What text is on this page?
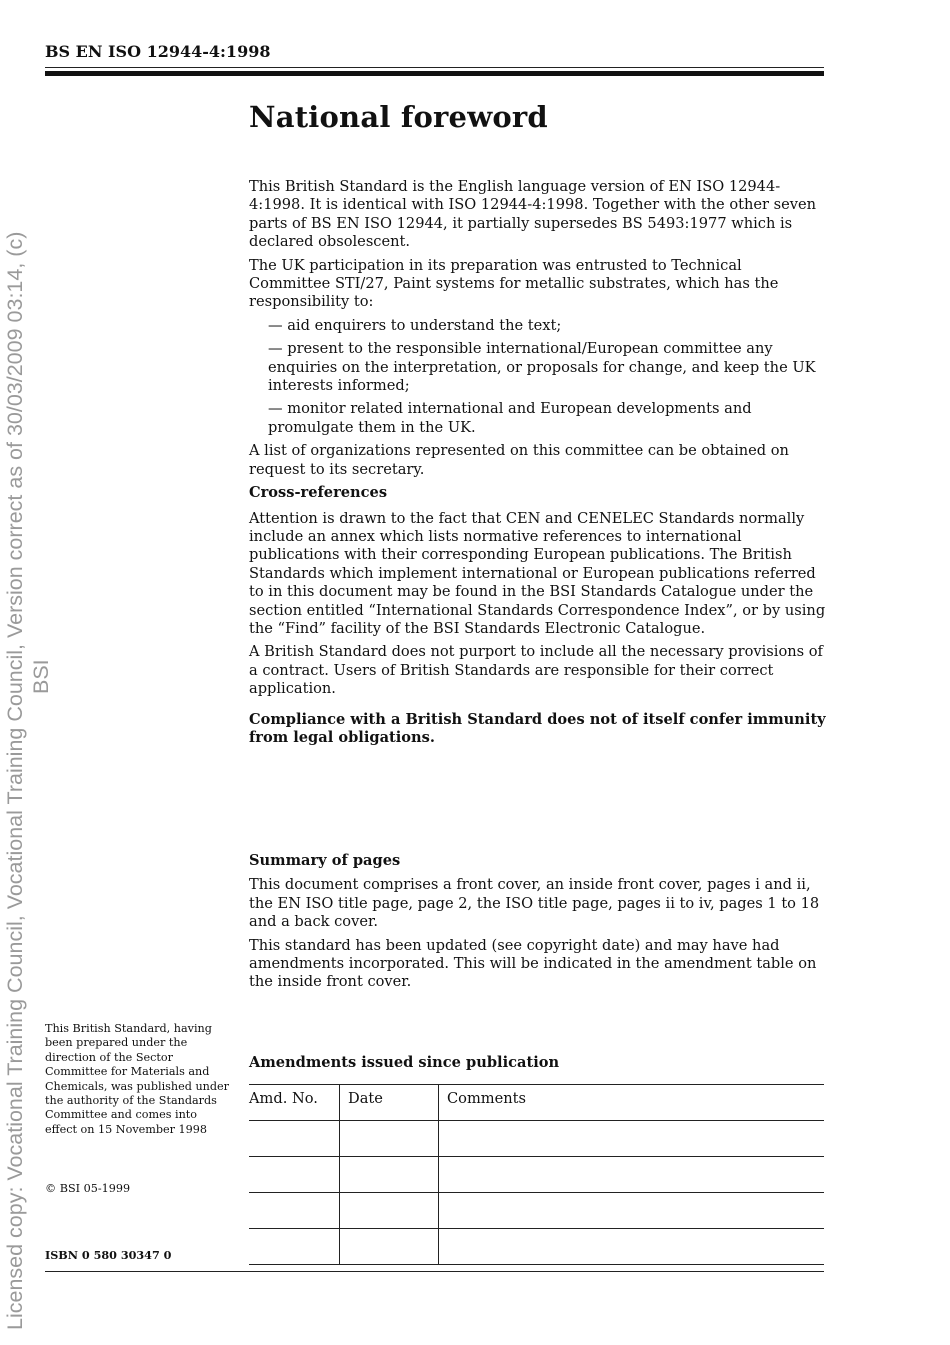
Licensed copy: Vocational Training Council, Vocational Training Council, Version correct as of 30/03/2009 03:14, (c) BSI
BS EN ISO 12944-4:1998
National foreword

This British Standard is the English language version of EN ISO 12944-4:1998. It is identical with ISO 12944-4:1998. Together with the other seven parts of BS EN ISO 12944, it partially supersedes BS 5493:1977 which is declared obsolescent.

The UK participation in its preparation was entrusted to Technical Committee STI/27, Paint systems for metallic substrates, which has the responsibility to:

— aid enquirers to understand the text;
— present to the responsible international/European committee any enquiries on the interpretation, or proposals for change, and keep the UK interests informed;
— monitor related international and European developments and promulgate them in the UK.

A list of organizations represented on this committee can be obtained on request to its secretary.

Cross-references

Attention is drawn to the fact that CEN and CENELEC Standards normally include an annex which lists normative references to international publications with their corresponding European publications. The British Standards which implement international or European publications referred to in this document may be found in the BSI Standards Catalogue under the section entitled “International Standards Correspondence Index”, or by using the “Find” facility of the BSI Standards Electronic Catalogue.

A British Standard does not purport to include all the necessary provisions of a contract. Users of British Standards are responsible for their correct application.

Compliance with a British Standard does not of itself confer immunity from legal obligations.

Summary of pages

This document comprises a front cover, an inside front cover, pages i and ii, the EN ISO title page, page 2, the ISO title page, pages ii to iv, pages 1 to 18 and a back cover.

This standard has been updated (see copyright date) and may have had amendments incorporated. This will be indicated in the amendment table on the inside front cover.

This British Standard, having been prepared under the direction of the Sector Committee for Materials and Chemicals, was published under the authority of the Standards Committee and comes into effect on 15 November 1998
© BSI 05-1999
ISBN 0 580 30347 0
Amendments issued since publication
Amd. No.	Date	Comments
